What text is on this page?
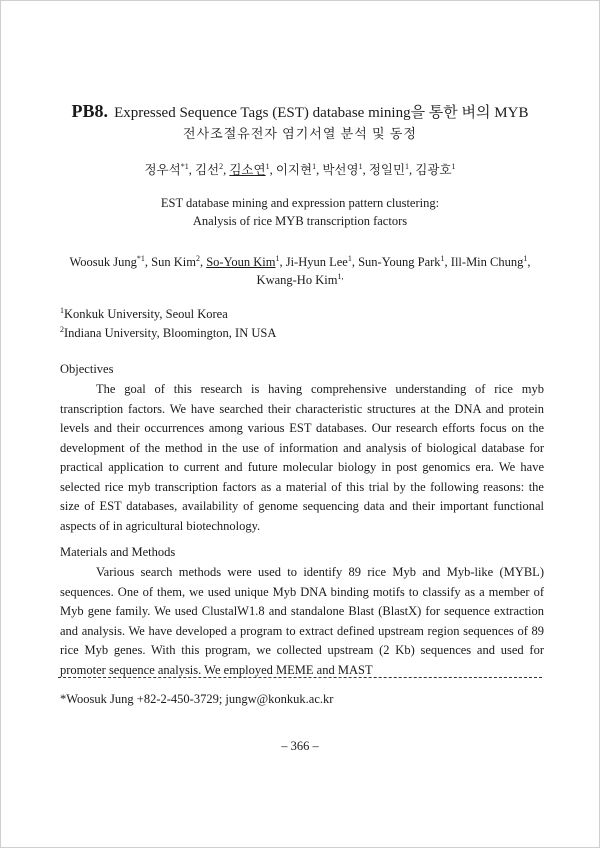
PB8. Expressed Sequence Tags (EST) database mining을 통한 벼의 MYB
전사조절유전자 염기서열 분석 및 동정
정우석$^{*1}$, 김선$^2$, 김소연$^1$, 이지현$^1$, 박선영$^1$, 정일민$^1$, 김광호$^1$
EST database mining and expression pattern clustering:
Analysis of rice MYB transcription factors
Woosuk Jung$^{*1}$, Sun Kim$^2$, So-Youn Kim$^1$, Ji-Hyun Lee$^1$, Sun-Young Park$^1$, Ill-Min Chung$^1$,
Kwang-Ho Kim$^{1,}$
$^1$Konkuk University, Seoul Korea
$^2$Indiana University, Bloomington, IN USA
Objectives
The goal of this research is having comprehensive understanding of rice myb transcription factors. We have searched their characteristic structures at the DNA and protein levels and their occurrences among various EST databases. Our research efforts focus on the development of the method in the use of information and analysis of biological database for practical application to current and future molecular biology in post genomics era. We have selected rice myb transcription factors as a material of this trial by the following reasons: the size of EST databases, availability of genome sequencing data and their important functional aspects of in agricultural biotechnology.
Materials and Methods
Various search methods were used to identify 89 rice Myb and Myb-like (MYBL) sequences. One of them, we used unique Myb DNA binding motifs to classify as a member of Myb gene family. We used ClustalW1.8 and standalone Blast (BlastX) for sequence extraction and analysis. We have developed a program to extract defined upstream region sequences of 89 rice Myb genes. With this program, we collected upstream (2 Kb) sequences and used for promoter sequence analysis. We employed MEME and MAST
*Woosuk Jung +82-2-450-3729; jungw@konkuk.ac.kr
– 366 –
